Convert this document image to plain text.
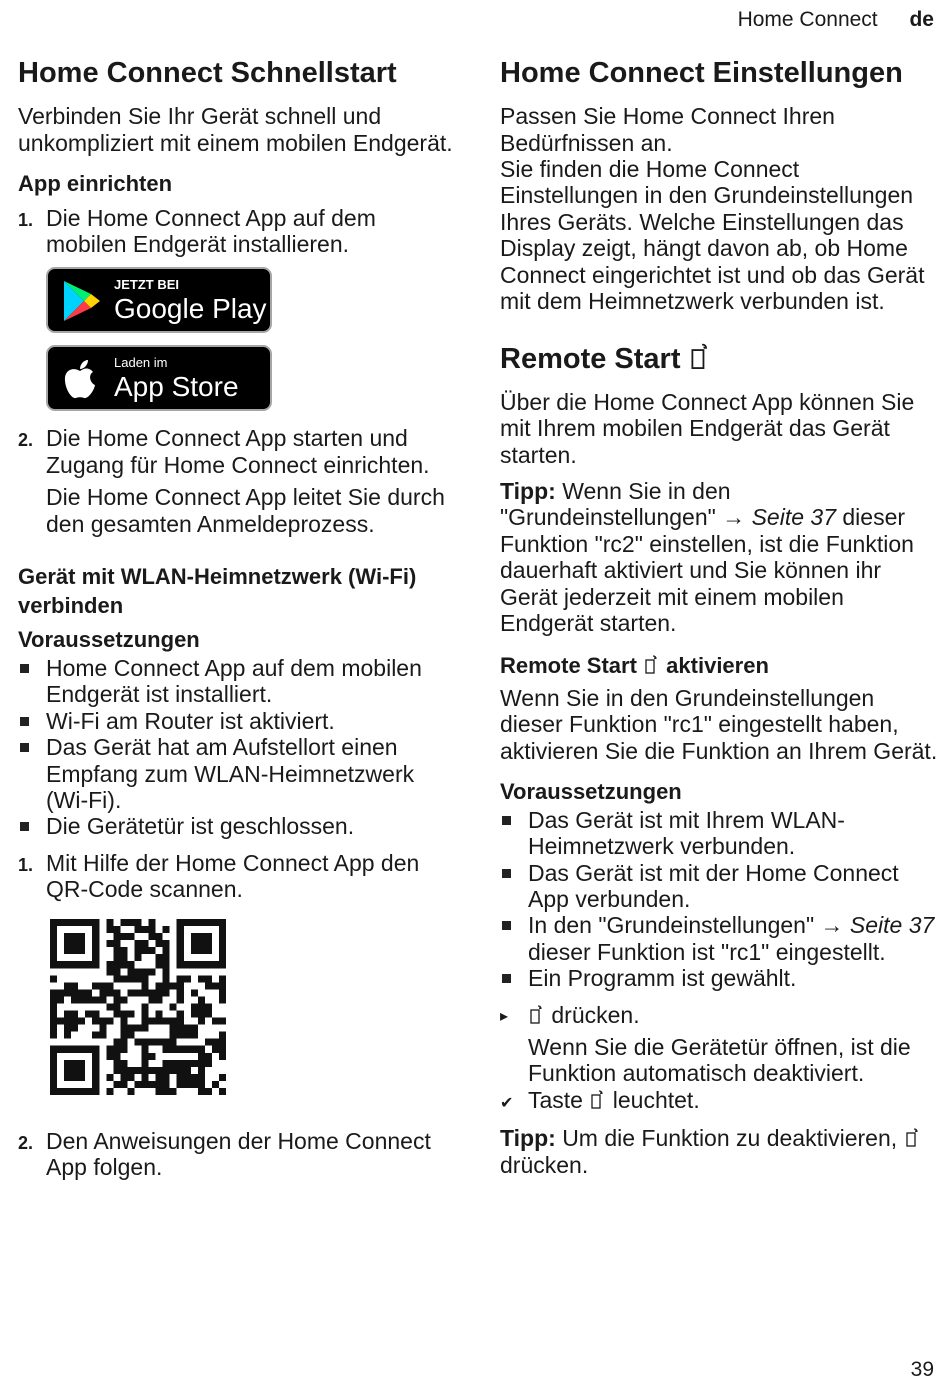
Home Connect de
Home Connect Schnellstart

Verbinden Sie Ihr Gerät schnell und unkompliziert mit einem mobilen Endgerät.

App einrichten
1. Die Home Connect App auf dem mobilen Endgerät installieren.
JETZT BEI
Google Play
Laden im
App Store
2. Die Home Connect App starten und Zugang für Home Connect einrichten.

Die Home Connect App leitet Sie durch den gesamten Anmeldeprozess.

Gerät mit WLAN-Heimnetzwerk (Wi-Fi) verbinden
Voraussetzungen
Home Connect App auf dem mobilen Endgerät ist installiert.
Wi-Fi am Router ist aktiviert.
Das Gerät hat am Aufstellort einen Empfang zum WLAN-Heimnetzwerk (Wi-Fi).
Die Gerätetür ist geschlossen.
1. Mit Hilfe der Home Connect App den QR-Code scannen.
2. Den Anweisungen der Home Connect App folgen.
Home Connect Einstellungen

Passen Sie Home Connect Ihren Bedürfnissen an.

Sie finden die Home Connect Einstellungen in den Grundeinstellungen Ihres Geräts. Welche Einstellungen das Display zeigt, hängt davon ab, ob Home Connect eingerichtet ist und ob das Gerät mit dem Heimnetzwerk verbunden ist.

Remote Start

Über die Home Connect App können Sie mit Ihrem mobilen Endgerät das Gerät starten.

Tipp: Wenn Sie in den "Grundeinstellungen" → Seite 37 dieser Funktion "rc2" einstellen, ist die Funktion dauerhaft aktiviert und Sie können ihr Gerät jederzeit mit einem mobilen Endgerät starten.

Remote Start aktivieren

Wenn Sie in den Grundeinstellungen dieser Funktion "rc1" eingestellt haben, aktivieren Sie die Funktion an Ihrem Gerät.

Voraussetzungen
Das Gerät ist mit Ihrem WLAN-Heimnetzwerk verbunden.
Das Gerät ist mit der Home Connect App verbunden.
In den "Grundeinstellungen" → Seite 37 dieser Funktion ist "rc1" eingestellt.
Ein Programm ist gewählt.
▸ drücken.

Wenn Sie die Gerätetür öffnen, ist die Funktion automatisch deaktiviert.

✔ Taste leuchtet.

Tipp: Um die Funktion zu deaktivieren,
drücken.

39
